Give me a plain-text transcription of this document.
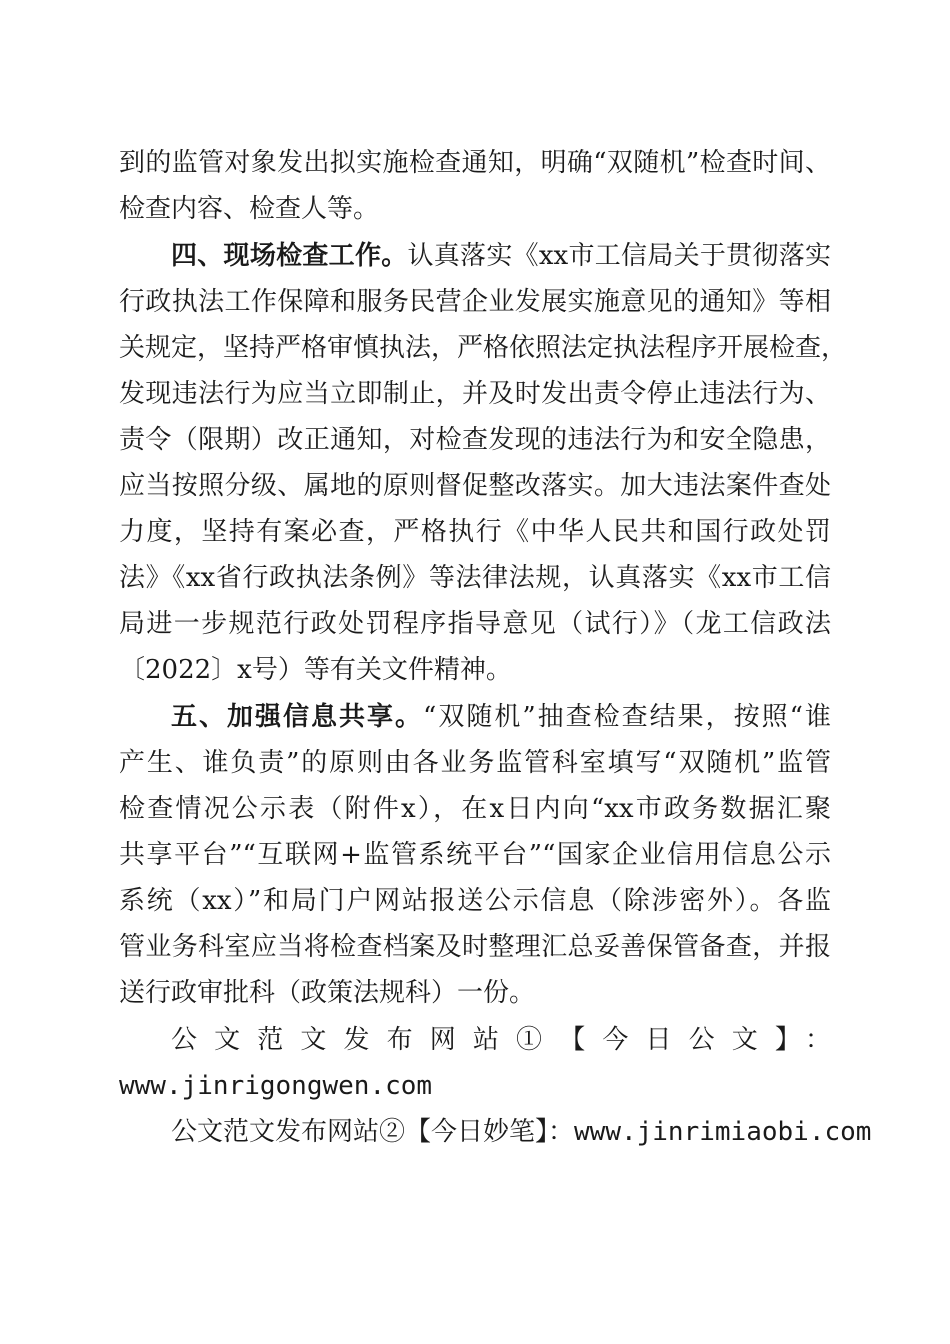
到的监管对象发出拟实施检查通知，明确“双随机”检查时间、
检查内容、检查人等。
四、现场检查工作。认真落实《xx市工信局关于贯彻落实
行政执法工作保障和服务民营企业发展实施意见的通知》等相
关规定，坚持严格审慎执法，严格依照法定执法程序开展检查，
发现违法行为应当立即制止，并及时发出责令停止违法行为、
责令（限期）改正通知，对检查发现的违法行为和安全隐患，
应当按照分级、属地的原则督促整改落实。加大违法案件查处
力度，坚持有案必查，严格执行《中华人民共和国行政处罚
法》《xx省行政执法条例》等法律法规，认真落实《xx市工信
局进一步规范行政处罚程序指导意见（试行）》（龙工信政法
〔2022〕x号）等有关文件精神。
五、加强信息共享。“双随机”抽查检查结果，按照“谁
产生、谁负责”的原则由各业务监管科室填写“双随机”监管
检查情况公示表（附件x），在x日内向“xx市政务数据汇聚
共享平台”“互联网+监管系统平台”“国家企业信用信息公示
系统（xx）”和局门户网站报送公示信息（除涉密外）。各监
管业务科室应当将检查档案及时整理汇总妥善保管备查，并报
送行政审批科（政策法规科）一份。
公文范文发布网站①【今日公文】：
www.jinrigongwen.com
公文范文发布网站②【今日妙笔】：www.jinrimiaobi.com
